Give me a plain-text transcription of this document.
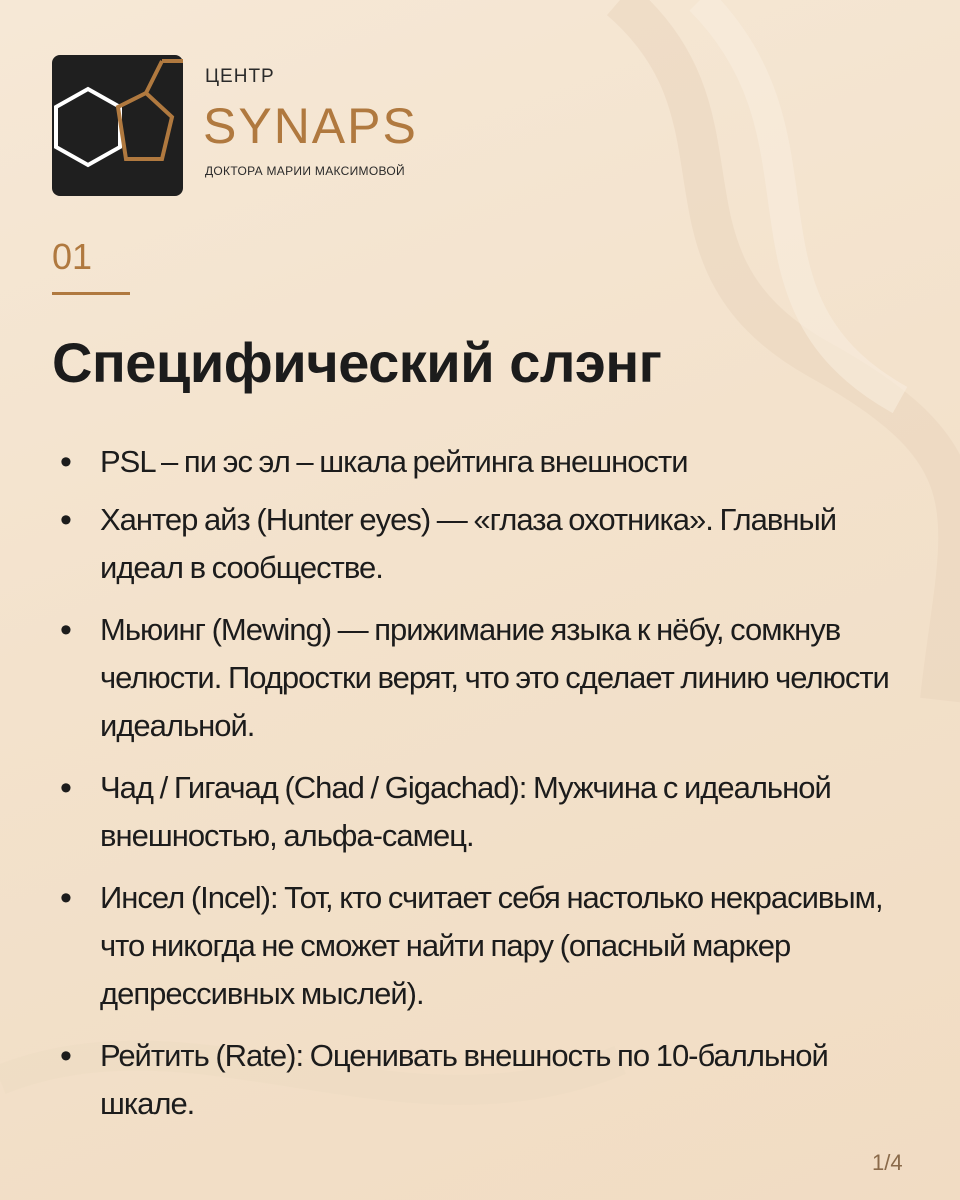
ЦЕНТР
SYNAPS
ДОКТОРА МАРИИ МАКСИМОВОЙ
01
Специфический слэнг
• PSL – пи эс эл – шкала рейтинга внешности
• Хантер айз (Hunter eyes) — «глаза охотника». Главный идеал в сообществе.
• Мьюинг (Mewing) — прижимание языка к нёбу, сомкнув челюсти. Подростки верят, что это сделает линию челюсти идеальной.
• Чад / Гигачад (Chad / Gigachad): Мужчина с идеальной внешностью, альфа-самец.
• Инсел (Incel): Тот, кто считает себя настолько некрасивым, что никогда не сможет найти пару (опасный маркер депрессивных мыслей).
• Рейтить (Rate): Оценивать внешность по 10-балльной шкале.
1/4
